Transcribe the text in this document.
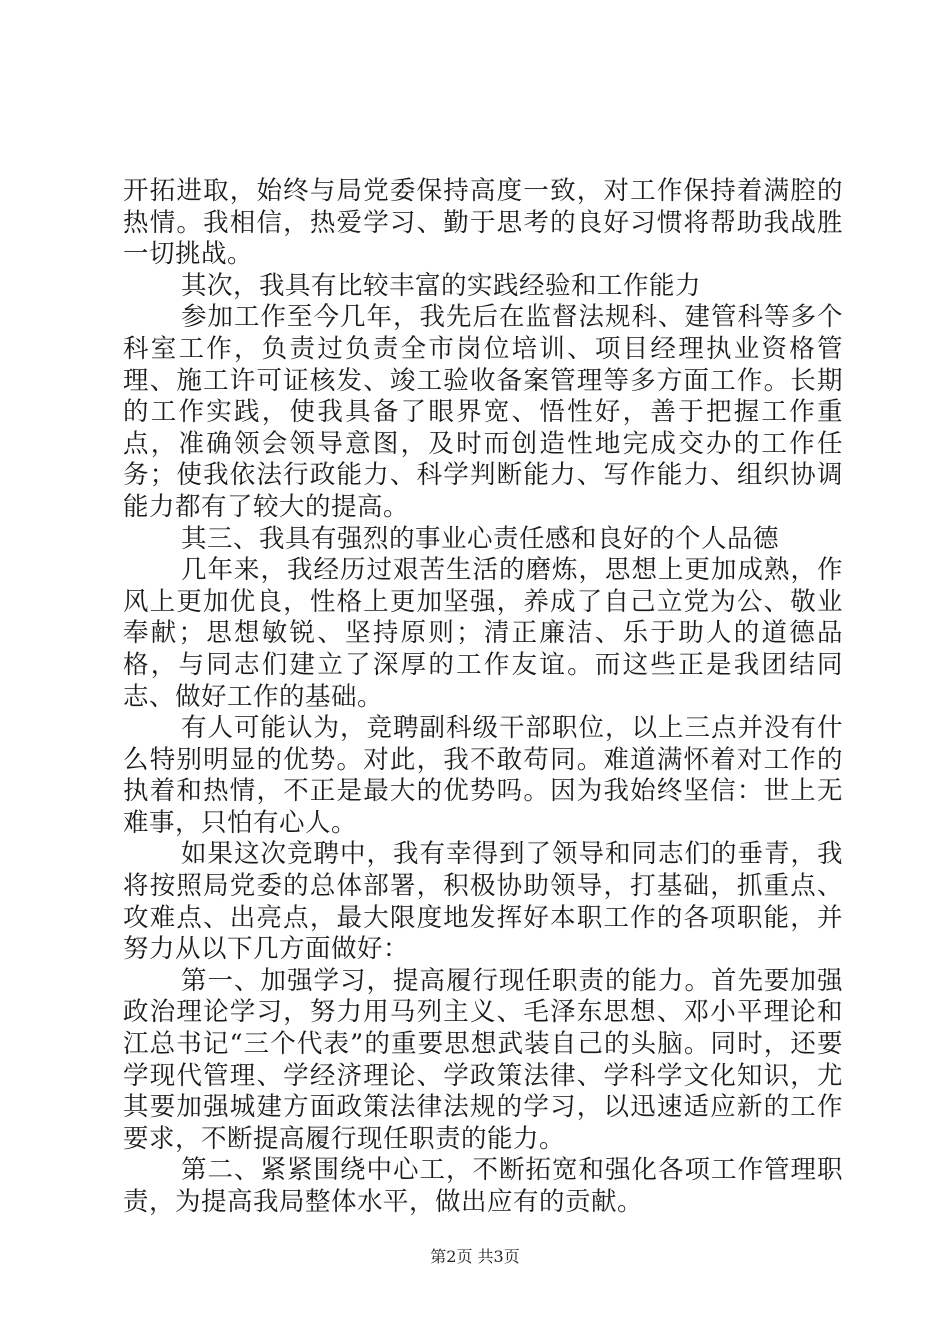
开拓进取，始终与局党委保持高度一致，对工作保持着满腔的热情。我相信，热爱学习、勤于思考的良好习惯将帮助我战胜一切挑战。

其次，我具有比较丰富的实践经验和工作能力

参加工作至今几年，我先后在监督法规科、建管科等多个科室工作，负责过负责全市岗位培训、项目经理执业资格管理、施工许可证核发、竣工验收备案管理等多方面工作。长期的工作实践，使我具备了眼界宽、悟性好，善于把握工作重点，准确领会领导意图，及时而创造性地完成交办的工作任务；使我依法行政能力、科学判断能力、写作能力、组织协调能力都有了较大的提高。

其三、我具有强烈的事业心责任感和良好的个人品德

几年来，我经历过艰苦生活的磨炼，思想上更加成熟，作风上更加优良，性格上更加坚强，养成了自己立党为公、敬业奉献；思想敏锐、坚持原则；清正廉洁、乐于助人的道德品格，与同志们建立了深厚的工作友谊。而这些正是我团结同志、做好工作的基础。

有人可能认为，竞聘副科级干部职位，以上三点并没有什么特别明显的优势。对此，我不敢苟同。难道满怀着对工作的执着和热情，不正是最大的优势吗。因为我始终坚信：世上无难事，只怕有心人。

如果这次竞聘中，我有幸得到了领导和同志们的垂青，我将按照局党委的总体部署，积极协助领导，打基础，抓重点、攻难点、出亮点，最大限度地发挥好本职工作的各项职能，并努力从以下几方面做好：

第一、加强学习，提高履行现任职责的能力。首先要加强政治理论学习，努力用马列主义、毛泽东思想、邓小平理论和江总书记“三个代表”的重要思想武装自己的头脑。同时，还要学现代管理、学经济理论、学政策法律、学科学文化知识，尤其要加强城建方面政策法律法规的学习，以迅速适应新的工作要求，不断提高履行现任职责的能力。

第二、紧紧围绕中心工，不断拓宽和强化各项工作管理职责，为提高我局整体水平，做出应有的贡献。

第2页 共3页
